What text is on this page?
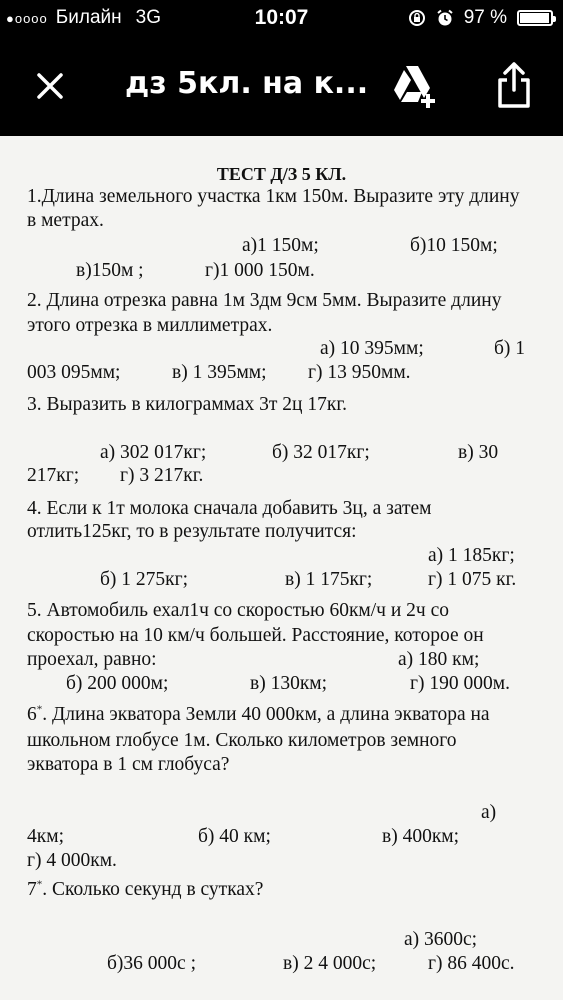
●oooo Билайн 3G	10:07	97 %
дз 5кл. на к...
ТЕСТ Д/З 5 КЛ.
1.Длина земельного участка 1км 150м. Выразите эту длину
в метрах.
а)1 150м;	б)10 150м;
в)150м ;	г)1 000 150м.
2. Длина отрезка равна 1м 3дм 9см 5мм. Выразите длину
этого отрезка в миллиметрах.
а) 10 395мм;	б) 1
003 095мм;	в) 1 395мм; г) 13 950мм.
3. Выразить в килограммах 3т 2ц 17кг.
а) 302 017кг;	б) 32 017кг;	в) 30
217кг; г) 3 217кг.
4. Если к 1т молока сначала добавить 3ц, а затем
отлить125кг, то в результате получится:
а) 1 185кг;
б) 1 275кг;	в) 1 175кг;	г) 1 075 кг.
5. Автомобиль ехал1ч со скоростью 60км/ч и 2ч со
скоростью на 10 км/ч большей. Расстояние, которое он
проехал, равно:	а) 180 км;
б) 200 000м;	в) 130км;	г) 190 000м.
6*. Длина экватора Земли 40 000км, а длина экватора на
школьном глобусе 1м. Сколько километров земного
экватора в 1 см глобуса?
а)
4км;	б) 40 км;	в) 400км;
г) 4 000км.
7*. Сколько секунд в сутках?
а) 3600с;
б)36 000с ;	в) 2 4 000с;	г) 86 400с.
